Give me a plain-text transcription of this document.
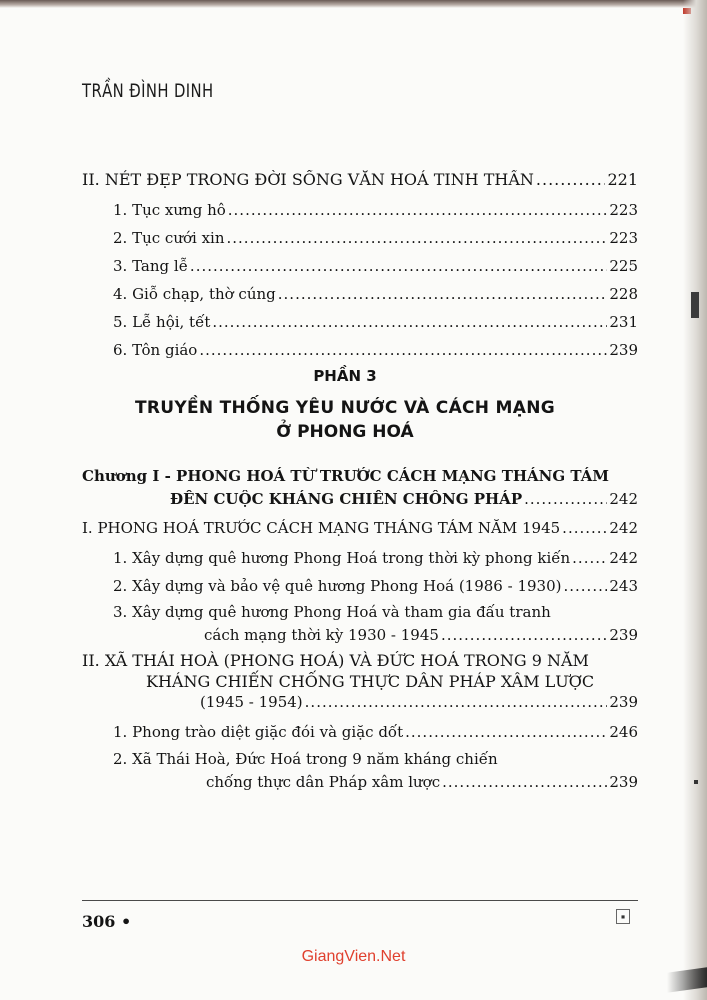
TRẦN ĐÌNH DINH
II. NÉT ĐẸP TRONG ĐỜI SỐNG VĂN HOÁ TINH THẦN .....	221
1. Tục xưng hô .....	223
2. Tục cưới xin .....	223
3. Tang lễ .....	225
4. Giỗ chạp, thờ cúng .....	228
5. Lễ hội, tết .....	231
6. Tôn giáo .....	239
PHẦN 3
TRUYỀN THỐNG YÊU NƯỚC VÀ CÁCH MẠNG
Ở PHONG HOÁ
Chương I - PHONG HOÁ TỪ TRƯỚC CÁCH MẠNG THÁNG TÁM
ĐẾN CUỘC KHÁNG CHIẾN CHỐNG PHÁP .....	242
I. PHONG HOÁ TRƯỚC CÁCH MẠNG THÁNG TÁM NĂM 1945 .....	242
1. Xây dựng quê hương Phong Hoá trong thời kỳ phong kiến .....	242
2. Xây dựng và bảo vệ quê hương Phong Hoá (1986 - 1930) .....	243
3. Xây dựng quê hương Phong Hoá và tham gia đấu tranh
cách mạng thời kỳ 1930 - 1945 .....	239
II. XÃ THÁI HOÀ (PHONG HOÁ) VÀ ĐỨC HOÁ TRONG 9 NĂM
KHÁNG CHIẾN CHỐNG THỰC DÂN PHÁP XÂM LƯỢC
(1945 - 1954) .....	239
1. Phong trào diệt giặc đói và giặc dốt .....	246
2. Xã Thái Hoà, Đức Hoá trong 9 năm kháng chiến
chống thực dân Pháp xâm lược .....	239
306 •	▪
GiangVien.Net
